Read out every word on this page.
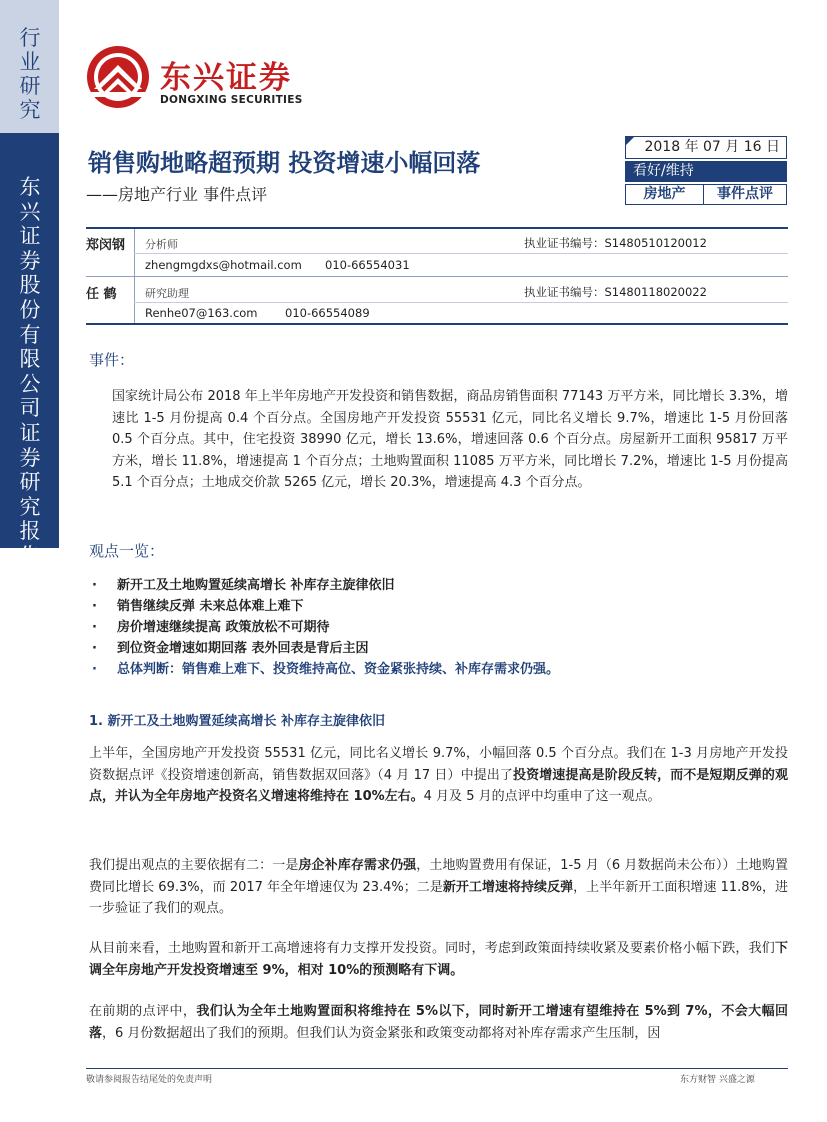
行业研究
东兴证券股份有限公司证券研究报告
东兴证券
DONGXING SECURITIES
销售购地略超预期 投资增速小幅回落
——房地产行业 事件点评
2018 年 07 月 16 日
看好/维持
房地产	事件点评
郑闵钢 分析师	执业证书编号：S1480510120012
zhengmgdxs@hotmail.com 010-66554031
任 鹤	研究助理	执业证书编号：S1480118020022
Renhe07@163.com 010-66554089
事件：
国家统计局公布 2018 年上半年房地产开发投资和销售数据，商品房销售面积 77143 万平方米，同比增长 3.3%，增速比 1-5 月份提高 0.4 个百分点。全国房地产开发投资 55531 亿元，同比名义增长 9.7%，增速比 1-5 月份回落 0.5 个百分点。其中，住宅投资 38990 亿元，增长 13.6%，增速回落 0.6 个百分点。房屋新开工面积 95817 万平方米，增长 11.8%，增速提高 1 个百分点；土地购置面积 11085 万平方米，同比增长 7.2%，增速比 1-5 月份提高 5.1 个百分点；土地成交价款 5265 亿元，增长 20.3%，增速提高 4.3 个百分点。
观点一览：
·	新开工及土地购置延续高增长 补库存主旋律依旧
·	销售继续反弹 未来总体难上难下
·	房价增速继续提高 政策放松不可期待
·	到位资金增速如期回落 表外回表是背后主因
·	总体判断：销售难上难下、投资维持高位、资金紧张持续、补库存需求仍强。
1. 新开工及土地购置延续高增长 补库存主旋律依旧
上半年，全国房地产开发投资 55531 亿元，同比名义增长 9.7%，小幅回落 0.5 个百分点。我们在 1-3 月房地产开发投资数据点评《投资增速创新高，销售数据双回落》（4 月 17 日）中提出了投资增速提高是阶段反转，而不是短期反弹的观点，并认为全年房地产投资名义增速将维持在 10%左右。4 月及 5 月的点评中均重申了这一观点。
我们提出观点的主要依据有二：一是房企补库存需求仍强，土地购置费用有保证，1-5 月（6 月数据尚未公布））土地购置费同比增长 69.3%，而 2017 年全年增速仅为 23.4%；二是新开工增速将持续反弹，上半年新开工面积增速 11.8%，进一步验证了我们的观点。
从目前来看，土地购置和新开工高增速将有力支撑开发投资。同时，考虑到政策面持续收紧及要素价格小幅下跌，我们下调全年房地产开发投资增速至 9%，相对 10%的预测略有下调。
在前期的点评中，我们认为全年土地购置面积将维持在 5%以下，同时新开工增速有望维持在 5%到 7%，不会大幅回落，6 月份数据超出了我们的预期。但我们认为资金紧张和政策变动都将对补库存需求产生压制，因
敬请参阅报告结尾处的免责声明	东方财智 兴盛之源
